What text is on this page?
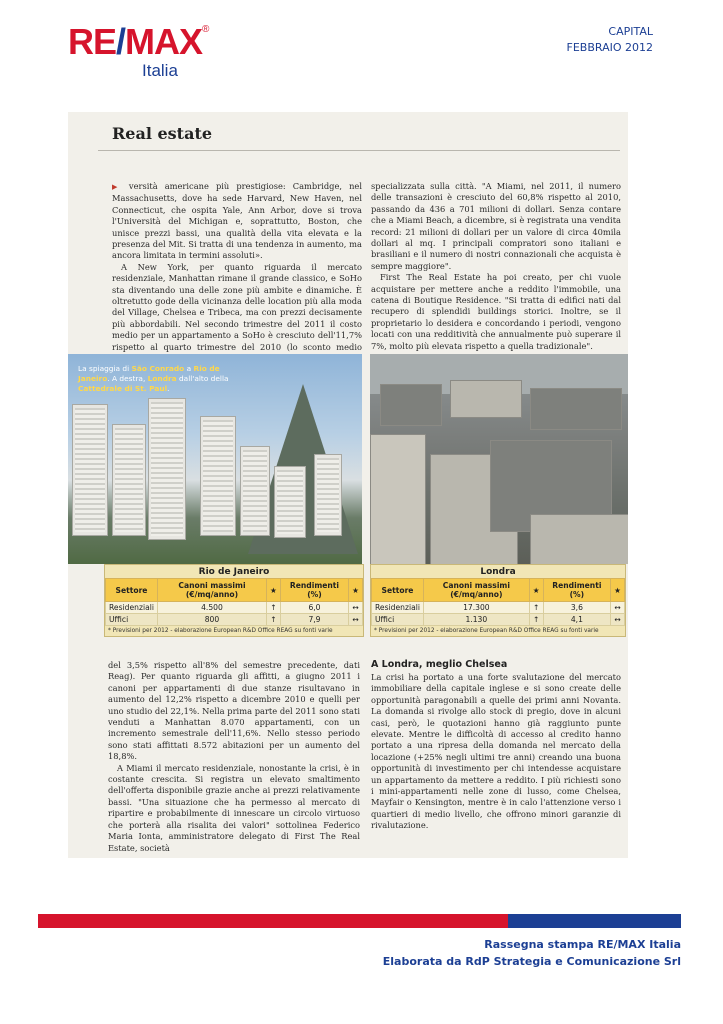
RE/MAX®
Italia
CAPITAL
FEBBRAIO 2012
Real estate

▶ versità americane più prestigiose: Cambridge, nel Massachusetts, dove ha sede Harvard, New Haven, nel Connecticut, che ospita Yale, Ann Arbor, dove si trova l'Università del Michigan e, soprattutto, Boston, che unisce prezzi bassi, una qualità della vita elevata e la presenza del Mit. Si tratta di una tendenza in aumento, ma ancora limitata in termini assoluti».

A New York, per quanto riguarda il mercato residenziale, Manhattan rimane il grande classico, e SoHo sta diventando una delle zone più ambite e dinamiche. È oltretutto gode della vicinanza delle location più alla moda del Village, Chelsea e Tribeca, ma con prezzi decisamente più abbordabili. Nel secondo trimestre del 2011 il costo medio per un appartamento a SoHo è cresciuto dell'11,7% rispetto al quarto trimestre del 2010 (lo sconto medio

specializzata sulla città. "A Miami, nel 2011, il numero delle transazioni è cresciuto del 60,8% rispetto al 2010, passando da 436 a 701 milioni di dollari. Senza contare che a Miami Beach, a dicembre, si è registrata una vendita record: 21 milioni di dollari per un valore di circa 40mila dollari al mq. I principali compratori sono italiani e brasiliani e il numero di nostri connazionali che acquista è sempre maggiore".

First The Real Estate ha poi creato, per chi vuole acquistare per mettere anche a reddito l'immobile, una catena di Boutique Residence. "Si tratta di edifici nati dal recupero di splendidi buildings storici. Inoltre, se il proprietario lo desidera e concordando i periodi, vengono locati con una redditività che annualmente può superare il 7%, molto più elevata rispetto a quella tradizionale".

La spiaggia di São Conrado a Rio de Janeiro. A destra, Londra dall'alto della Cattedrale di St. Paul.
Rio de Janeiro
Settore	Canoni massimi (€/mq/anno)	★	Rendimenti (%)	★
Residenziali	4.500	↑	6,0	↔
Uffici	800	↑	7,9	↔
* Previsioni per 2012 - elaborazione European R&D Office REAG su fonti varie
Londra
Settore	Canoni massimi (€/mq/anno)	★	Rendimenti (%)	★
Residenziali	17.300	↑	3,6	↔
Uffici	1.130	↑	4,1	↔
* Previsioni per 2012 - elaborazione European R&D Office REAG su fonti varie

del 3,5% rispetto all'8% del semestre precedente, dati Reag). Per quanto riguarda gli affitti, a giugno 2011 i canoni per appartamenti di due stanze risultavano in aumento del 12,2% rispetto a dicembre 2010 e quelli per uno studio del 22,1%. Nella prima parte del 2011 sono stati venduti a Manhattan 8.070 appartamenti, con un incremento semestrale dell'11,6%. Nello stesso periodo sono stati affittati 8.572 abitazioni per un aumento del 18,8%.

A Miami il mercato residenziale, nonostante la crisi, è in costante crescita. Si registra un elevato smaltimento dell'offerta disponibile grazie anche ai prezzi relativamente bassi. "Una situazione che ha permesso al mercato di ripartire e probabilmente di innescare un circolo virtuoso che porterà alla risalita dei valori" sottolinea Federico Maria Ionta, amministratore delegato di First The Real Estate, società

A Londra, meglio Chelsea

La crisi ha portato a una forte svalutazione del mercato immobiliare della capitale inglese e si sono create delle opportunità paragonabili a quelle dei primi anni Novanta. La domanda si rivolge allo stock di pregio, dove in alcuni casi, però, le quotazioni hanno già raggiunto punte elevate. Mentre le difficoltà di accesso al credito hanno portato a una ripresa della domanda nel mercato della locazione (+25% negli ultimi tre anni) creando una buona opportunità di investimento per chi intendesse acquistare un appartamento da mettere a reddito. I più richiesti sono i mini-appartamenti nelle zone di lusso, come Chelsea, Mayfair o Kensington, mentre è in calo l'attenzione verso i quartieri di medio livello, che offrono minori garanzie di rivalutazione.

Rassegna stampa RE/MAX Italia
Elaborata da RdP Strategia e Comunicazione Srl
